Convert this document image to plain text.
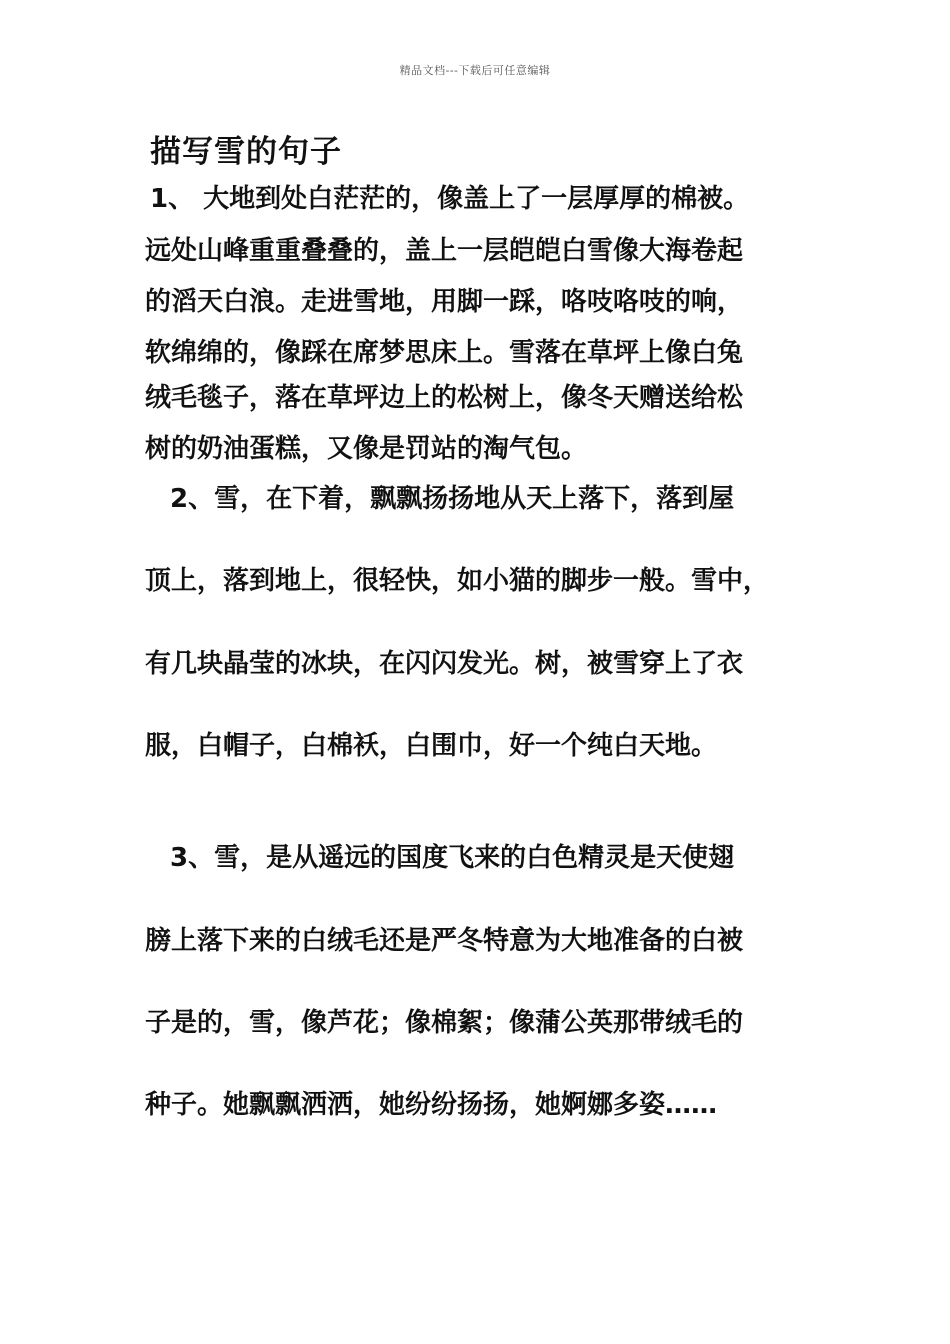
精品文档---下载后可任意编辑
描写雪的句子
1、 大地到处白茫茫的，像盖上了一层厚厚的棉被。
远处山峰重重叠叠的，盖上一层皑皑白雪像大海卷起
的滔天白浪。走进雪地，用脚一踩，咯吱咯吱的响，
软绵绵的，像踩在席梦思床上。雪落在草坪上像白兔
绒毛毯子，落在草坪边上的松树上，像冬天赠送给松
树的奶油蛋糕，又像是罚站的淘气包。
2、雪，在下着，飘飘扬扬地从天上落下，落到屋
顶上，落到地上，很轻快，如小猫的脚步一般。雪中，
有几块晶莹的冰块，在闪闪发光。树，被雪穿上了衣
服，白帽子，白棉袄，白围巾，好一个纯白天地。
3、雪，是从遥远的国度飞来的白色精灵是天使翅
膀上落下来的白绒毛还是严冬特意为大地准备的白被
子是的，雪，像芦花；像棉絮；像蒲公英那带绒毛的
种子。她飘飘洒洒，她纷纷扬扬，她婀娜多姿……
